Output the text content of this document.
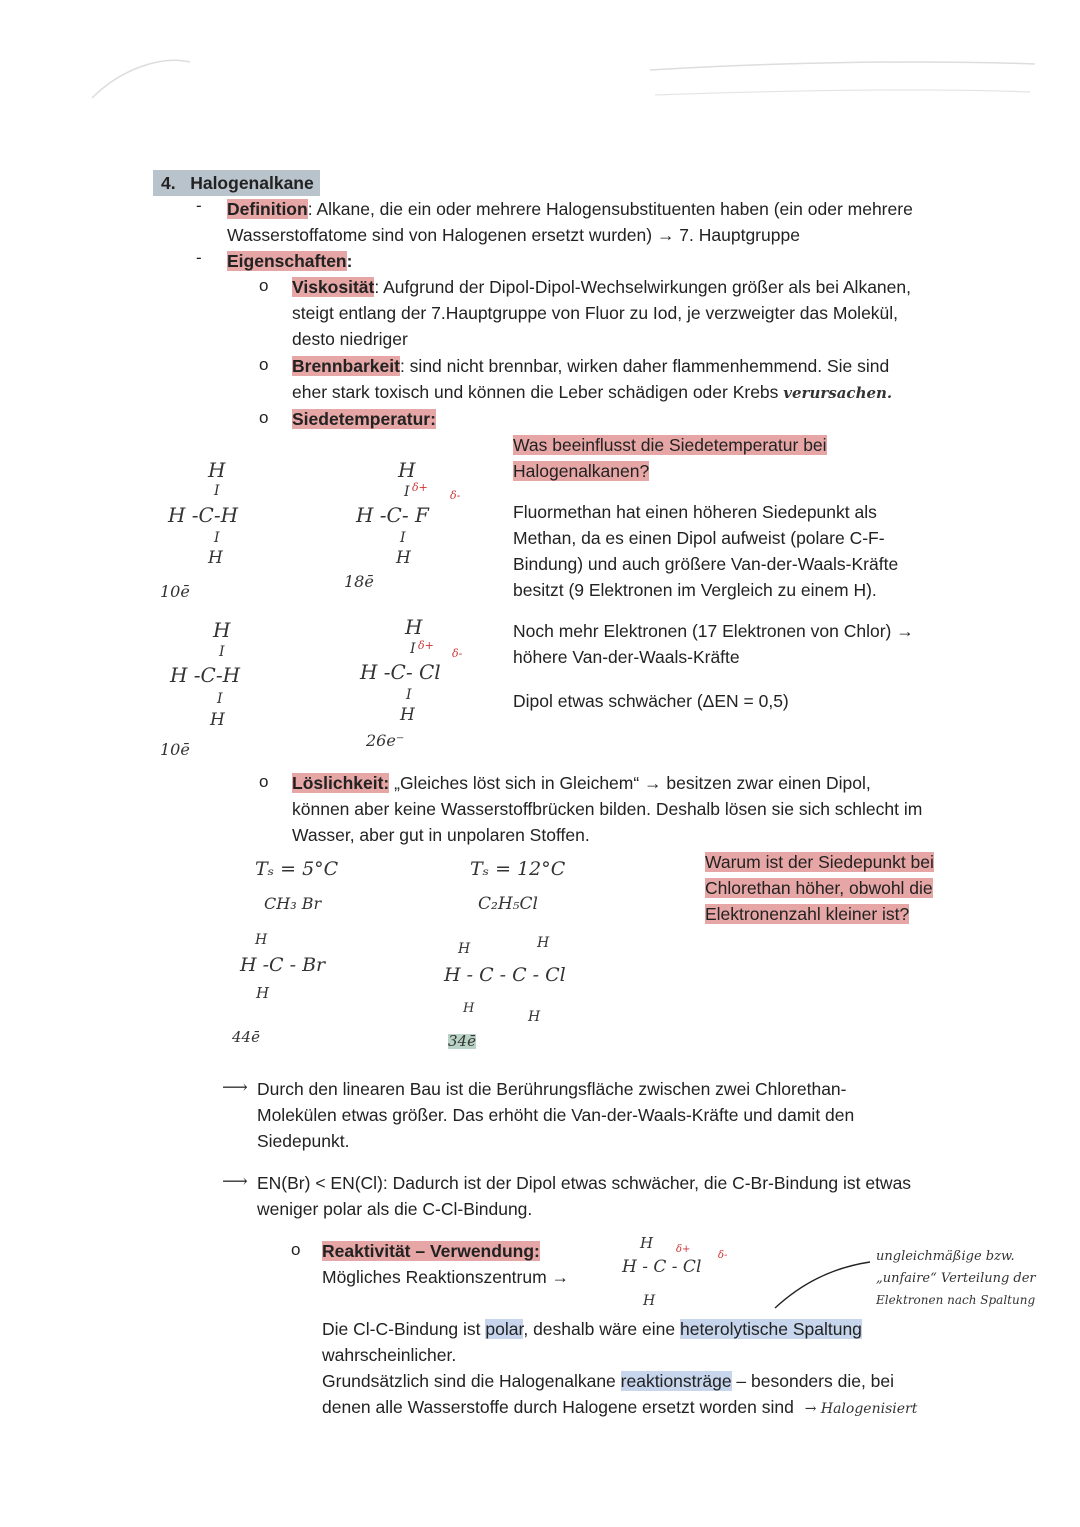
4. Halogenalkane
- Definition: Alkane, die ein oder mehrere Halogensubstituenten haben (ein oder mehrere
Wasserstoffatome sind von Halogenen ersetzt wurden) → 7. Hauptgruppe
- Eigenschaften:
o Viskosität: Aufgrund der Dipol-Dipol-Wechselwirkungen größer als bei Alkanen,
steigt entlang der 7.Hauptgruppe von Fluor zu Iod, je verzweigter das Molekül,
desto niedriger
o Brennbarkeit: sind nicht brennbar, wirken daher flammenhemmend. Sie sind
eher stark toxisch und können die Leber schädigen oder Krebs verursachen.
o Siedetemperatur:
Was beeinflusst die Siedetemperatur bei
Halogenalkanen?
Fluormethan hat einen höheren Siedepunkt als
Methan, da es einen Dipol aufweist (polare C-F-
Bindung) und auch größere Van-der-Waals-Kräfte
besitzt (9 Elektronen im Vergleich zu einem H).
Noch mehr Elektronen (17 Elektronen von Chlor) →
höhere Van-der-Waals-Kräfte
Dipol etwas schwächer (ΔEN = 0,5)
H
I
H -C-H
I
H
10ē
H
I δ+
δ-
H -C- F
I
H
18ē
H
I
H -C-H
I
H
10ē
H
I δ+
δ-
H -C- Cl
I
H
26e⁻
o Löslichkeit: „Gleiches löst sich in Gleichem“ → besitzen zwar einen Dipol,
können aber keine Wasserstoffbrücken bilden. Deshalb lösen sie sich schlecht im
Wasser, aber gut in unpolaren Stoffen.
Tₛ = 5°C
CH₃ Br
H
H -C - Br
H
44ē
Tₛ = 12°C
C₂H₅Cl
H
H
H - C - C - Cl
H
H
34ē
Warum ist der Siedepunkt bei
Chlorethan höher, obwohl die
Elektronenzahl kleiner ist?
⟶ Durch den linearen Bau ist die Berührungsfläche zwischen zwei Chlorethan-
Molekülen etwas größer. Das erhöht die Van-der-Waals-Kräfte und damit den
Siedepunkt.
⟶ EN(Br) < EN(Cl): Dadurch ist der Dipol etwas schwächer, die C-Br-Bindung ist etwas
weniger polar als die C-Cl-Bindung.
o Reaktivität – Verwendung:
Mögliches Reaktionszentrum →
H δ+
δ-
H - C - Cl
H
ungleichmäßige bzw.
„unfaire“ Verteilung der
Elektronen nach Spaltung
Die Cl-C-Bindung ist polar, deshalb wäre eine heterolytische Spaltung
wahrscheinlicher.
Grundsätzlich sind die Halogenalkane reaktionsträge – besonders die, bei
denen alle Wasserstoffe durch Halogene ersetzt worden sind → Halogenisiert
